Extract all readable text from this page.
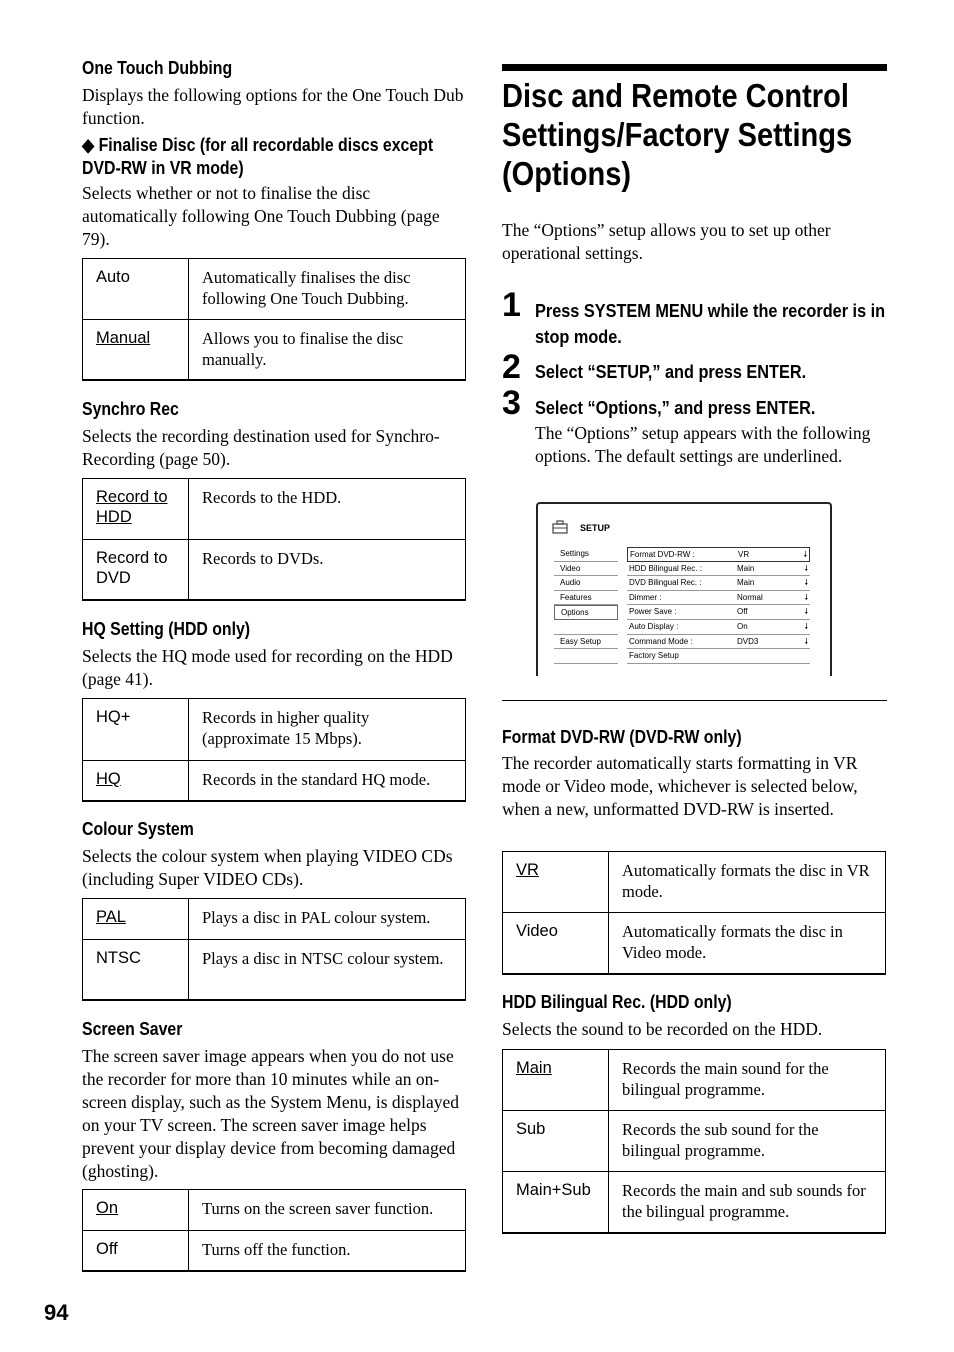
One Touch Dubbing
Displays the following options for the One Touch Dub function.
◆ Finalise Disc (for all recordable discs except
DVD-RW in VR mode)
Selects whether or not to finalise the disc automatically following One Touch Dubbing (page 79).
Auto	Automatically finalises the disc following One Touch Dubbing.
Manual	Allows you to finalise the disc manually.
Synchro Rec
Selects the recording destination used for Synchro-Recording (page 50).
Record to HDD	Records to the HDD.
Record to DVD	Records to DVDs.
HQ Setting (HDD only)
Selects the HQ mode used for recording on the HDD (page 41).
HQ+	Records in higher quality (approximate 15 Mbps).
HQ	Records in the standard HQ mode.
Colour System
Selects the colour system when playing VIDEO CDs (including Super VIDEO CDs).
PAL	Plays a disc in PAL colour system.
NTSC	Plays a disc in NTSC colour system.
Screen Saver
The screen saver image appears when you do not use the recorder for more than 10 minutes while an on-screen display, such as the System Menu, is displayed on your TV screen. The screen saver image helps prevent your display device from becoming damaged (ghosting).
On	Turns on the screen saver function.
Off	Turns off the function.
Disc and Remote Control Settings/Factory Settings (Options)
The “Options” setup allows you to set up other operational settings.
1 Press SYSTEM MENU while the recorder is in stop mode.
2 Select “SETUP,” and press ENTER.
3 Select “Options,” and press ENTER.
The “Options” setup appears with the following options. The default settings are underlined.
SETUP
Settings
Video
Audio
Features
Options
Easy Setup
Format DVD-RW :	VR	🠗
HDD Bilingual Rec. :	Main	🠗
DVD Bilingual Rec. :	Main	🠗
Dimmer :	Normal	🠗
Power Save :	Off	🠗
Auto Display :	On	🠗
Command Mode :	DVD3	🠗
Factory Setup
Format DVD-RW (DVD-RW only)
The recorder automatically starts formatting in VR mode or Video mode, whichever is selected below, when a new, unformatted DVD-RW is inserted.
VR	Automatically formats the disc in VR mode.
Video	Automatically formats the disc in Video mode.
HDD Bilingual Rec. (HDD only)
Selects the sound to be recorded on the HDD.
Main	Records the main sound for the bilingual programme.
Sub	Records the sub sound for the bilingual programme.
Main+Sub	Records the main and sub sounds for the bilingual programme.
94
